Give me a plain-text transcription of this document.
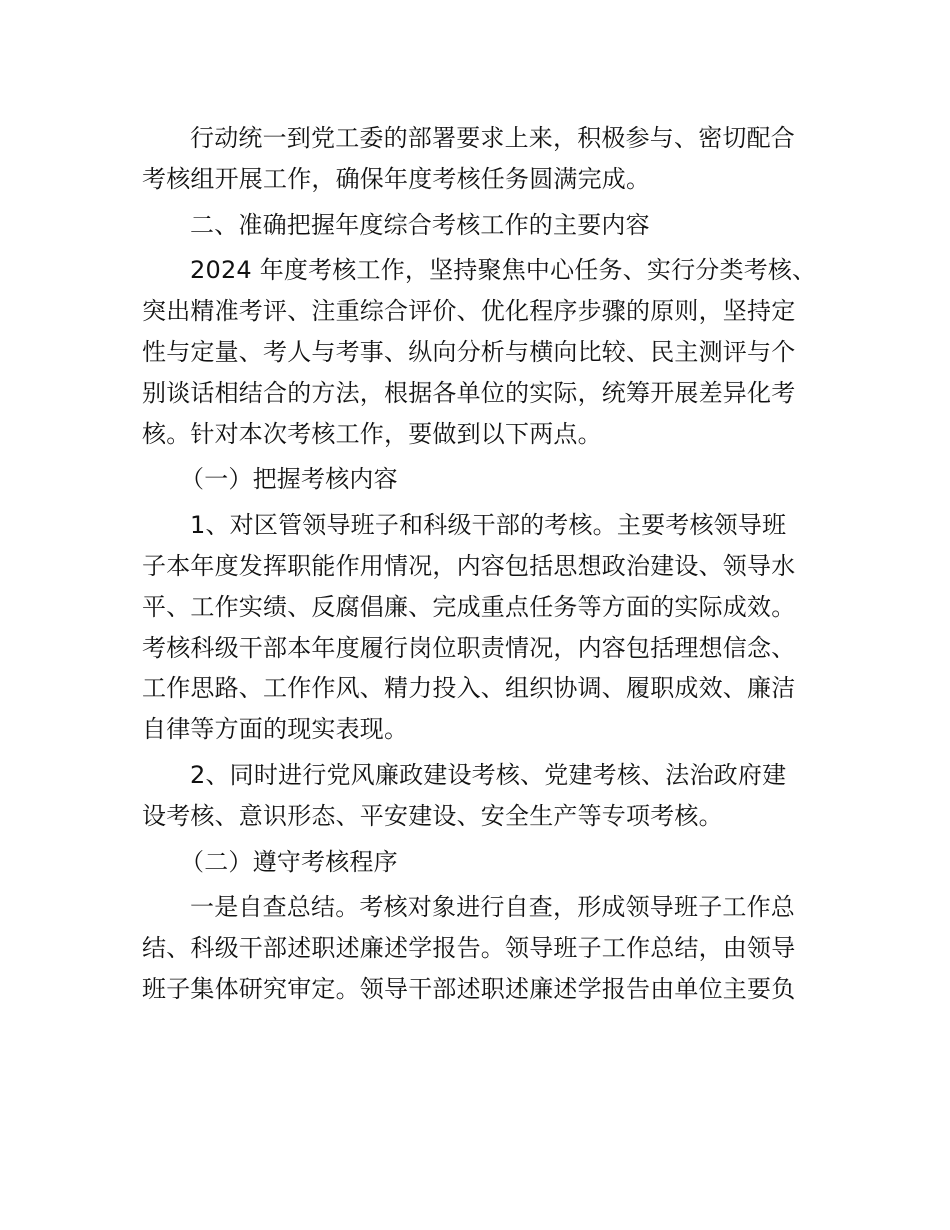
行动统一到党工委的部署要求上来，积极参与、密切配合
考核组开展工作，确保年度考核任务圆满完成。

二、准确把握年度综合考核工作的主要内容

2024 年度考核工作，坚持聚焦中心任务、实行分类考核、
突出精准考评、注重综合评价、优化程序步骤的原则，坚持定
性与定量、考人与考事、纵向分析与横向比较、民主测评与个
别谈话相结合的方法，根据各单位的实际，统筹开展差异化考
核。针对本次考核工作，要做到以下两点。

（一）把握考核内容

1、对区管领导班子和科级干部的考核。主要考核领导班
子本年度发挥职能作用情况，内容包括思想政治建设、领导水
平、工作实绩、反腐倡廉、完成重点任务等方面的实际成效。
考核科级干部本年度履行岗位职责情况，内容包括理想信念、
工作思路、工作作风、精力投入、组织协调、履职成效、廉洁
自律等方面的现实表现。

2、同时进行党风廉政建设考核、党建考核、法治政府建
设考核、意识形态、平安建设、安全生产等专项考核。

（二）遵守考核程序

一是自查总结。考核对象进行自查，形成领导班子工作总
结、科级干部述职述廉述学报告。领导班子工作总结，由领导
班子集体研究审定。领导干部述职述廉述学报告由单位主要负
